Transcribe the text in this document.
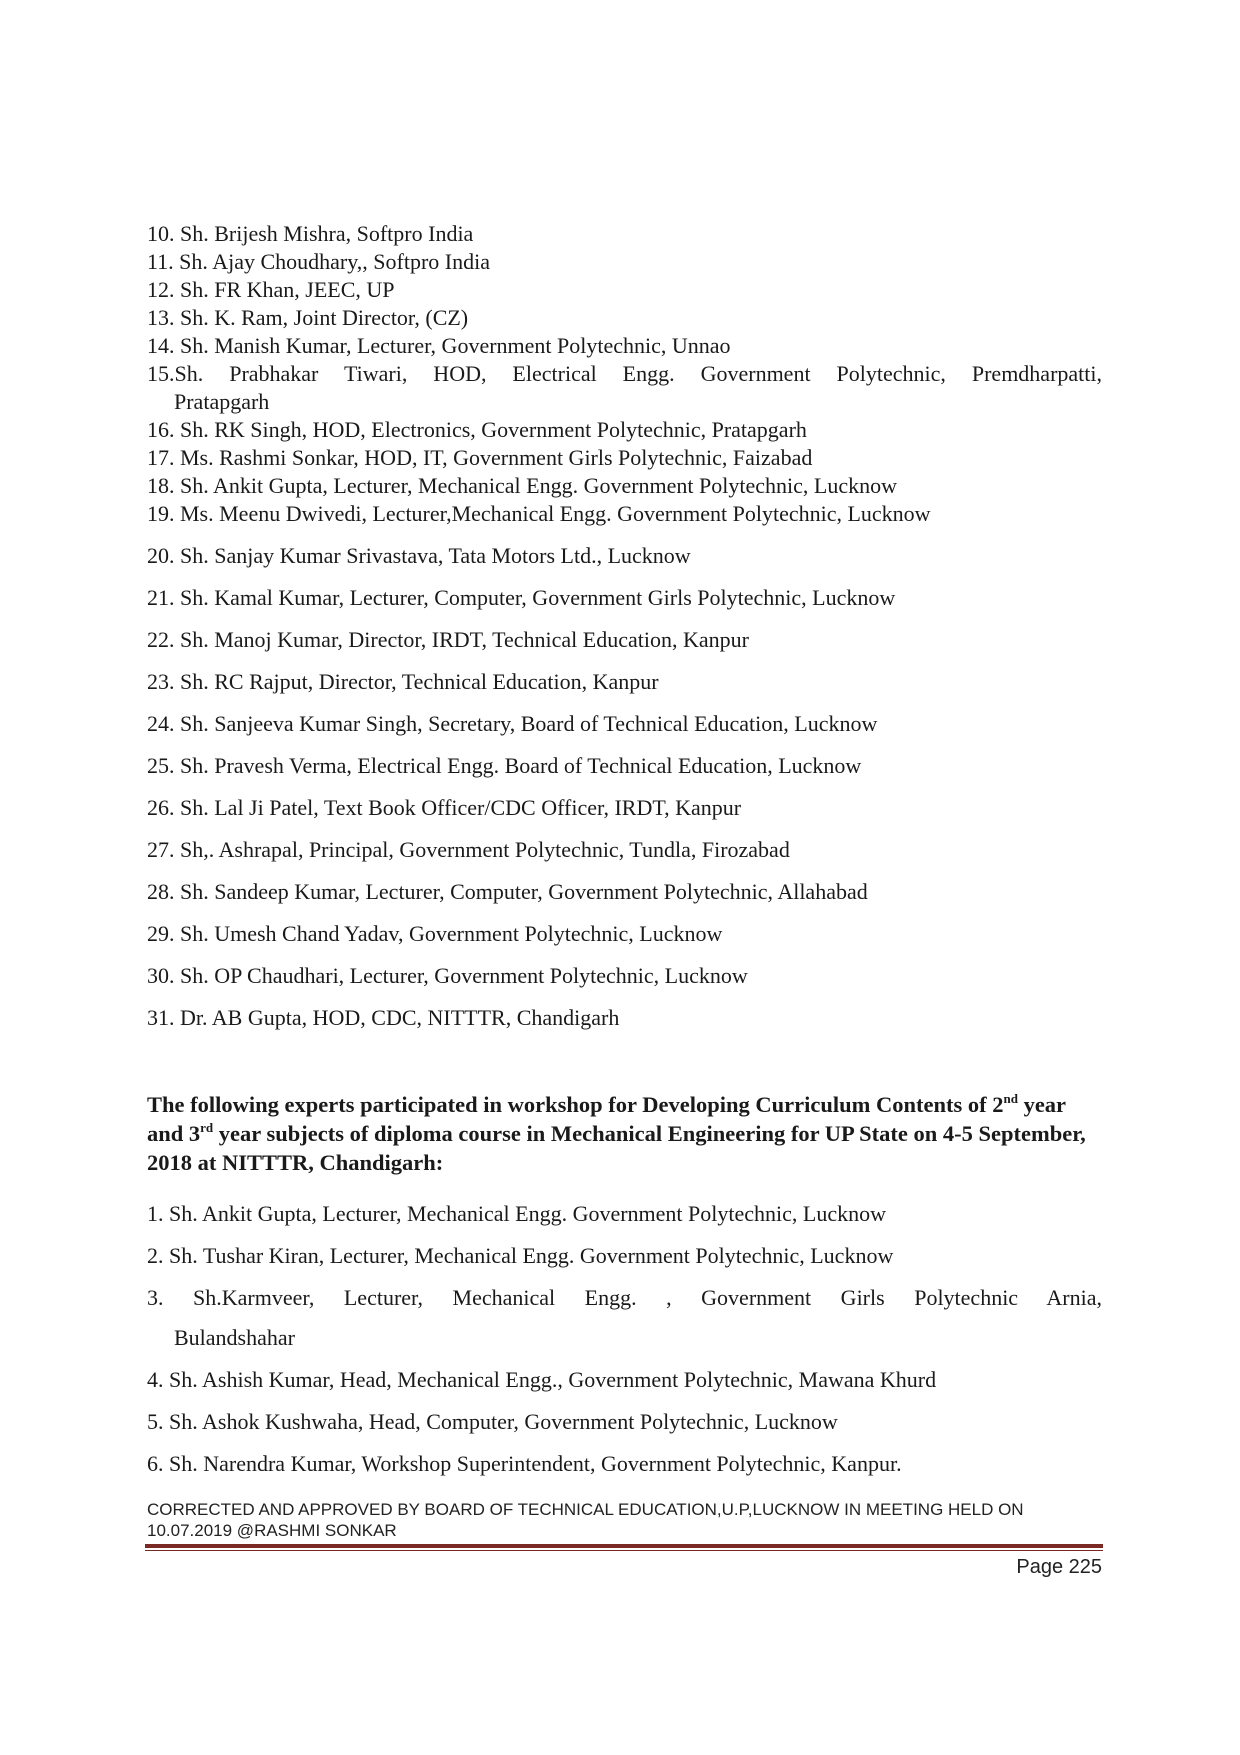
10. Sh. Brijesh Mishra, Softpro India

11. Sh. Ajay Choudhary,, Softpro India

12. Sh. FR Khan, JEEC, UP

13. Sh. K. Ram, Joint Director, (CZ)

14. Sh. Manish Kumar, Lecturer, Government Polytechnic, Unnao

15.Sh. Prabhakar Tiwari, HOD, Electrical Engg. Government Polytechnic, Premdharpatti,
Pratapgarh

16. Sh. RK Singh, HOD, Electronics, Government Polytechnic, Pratapgarh

17. Ms. Rashmi Sonkar, HOD, IT, Government Girls Polytechnic, Faizabad

18. Sh. Ankit Gupta, Lecturer, Mechanical Engg. Government Polytechnic, Lucknow

19. Ms. Meenu Dwivedi, Lecturer,Mechanical Engg. Government Polytechnic, Lucknow

20. Sh. Sanjay Kumar Srivastava, Tata Motors Ltd., Lucknow

21. Sh. Kamal Kumar, Lecturer, Computer, Government Girls Polytechnic, Lucknow

22. Sh. Manoj Kumar, Director, IRDT, Technical Education, Kanpur

23. Sh. RC Rajput, Director, Technical Education, Kanpur

24. Sh. Sanjeeva Kumar Singh, Secretary, Board of Technical Education, Lucknow

25. Sh. Pravesh Verma, Electrical Engg. Board of Technical Education, Lucknow

26. Sh. Lal Ji Patel, Text Book Officer/CDC Officer, IRDT, Kanpur

27. Sh,. Ashrapal, Principal, Government Polytechnic, Tundla, Firozabad

28. Sh. Sandeep Kumar, Lecturer, Computer, Government Polytechnic, Allahabad

29. Sh. Umesh Chand Yadav, Government Polytechnic, Lucknow

30. Sh. OP Chaudhari, Lecturer, Government Polytechnic, Lucknow

31. Dr. AB Gupta, HOD, CDC, NITTTR, Chandigarh

The following experts participated in workshop for Developing Curriculum Contents of 2nd year and 3rd year subjects of diploma course in Mechanical Engineering for UP State on 4-5 September, 2018 at NITTTR, Chandigarh:

1. Sh. Ankit Gupta, Lecturer, Mechanical Engg. Government Polytechnic, Lucknow

2. Sh. Tushar Kiran, Lecturer, Mechanical Engg. Government Polytechnic, Lucknow

3. Sh.Karmveer, Lecturer, Mechanical Engg. , Government Girls Polytechnic Arnia,
Bulandshahar

4. Sh. Ashish Kumar, Head, Mechanical Engg., Government Polytechnic, Mawana Khurd

5. Sh. Ashok Kushwaha, Head, Computer, Government Polytechnic, Lucknow

6. Sh. Narendra Kumar, Workshop Superintendent, Government Polytechnic, Kanpur.

CORRECTED AND APPROVED BY BOARD OF TECHNICAL EDUCATION,U.P,LUCKNOW IN MEETING HELD ON 10.07.2019 @RASHMI SONKAR

Page 225
